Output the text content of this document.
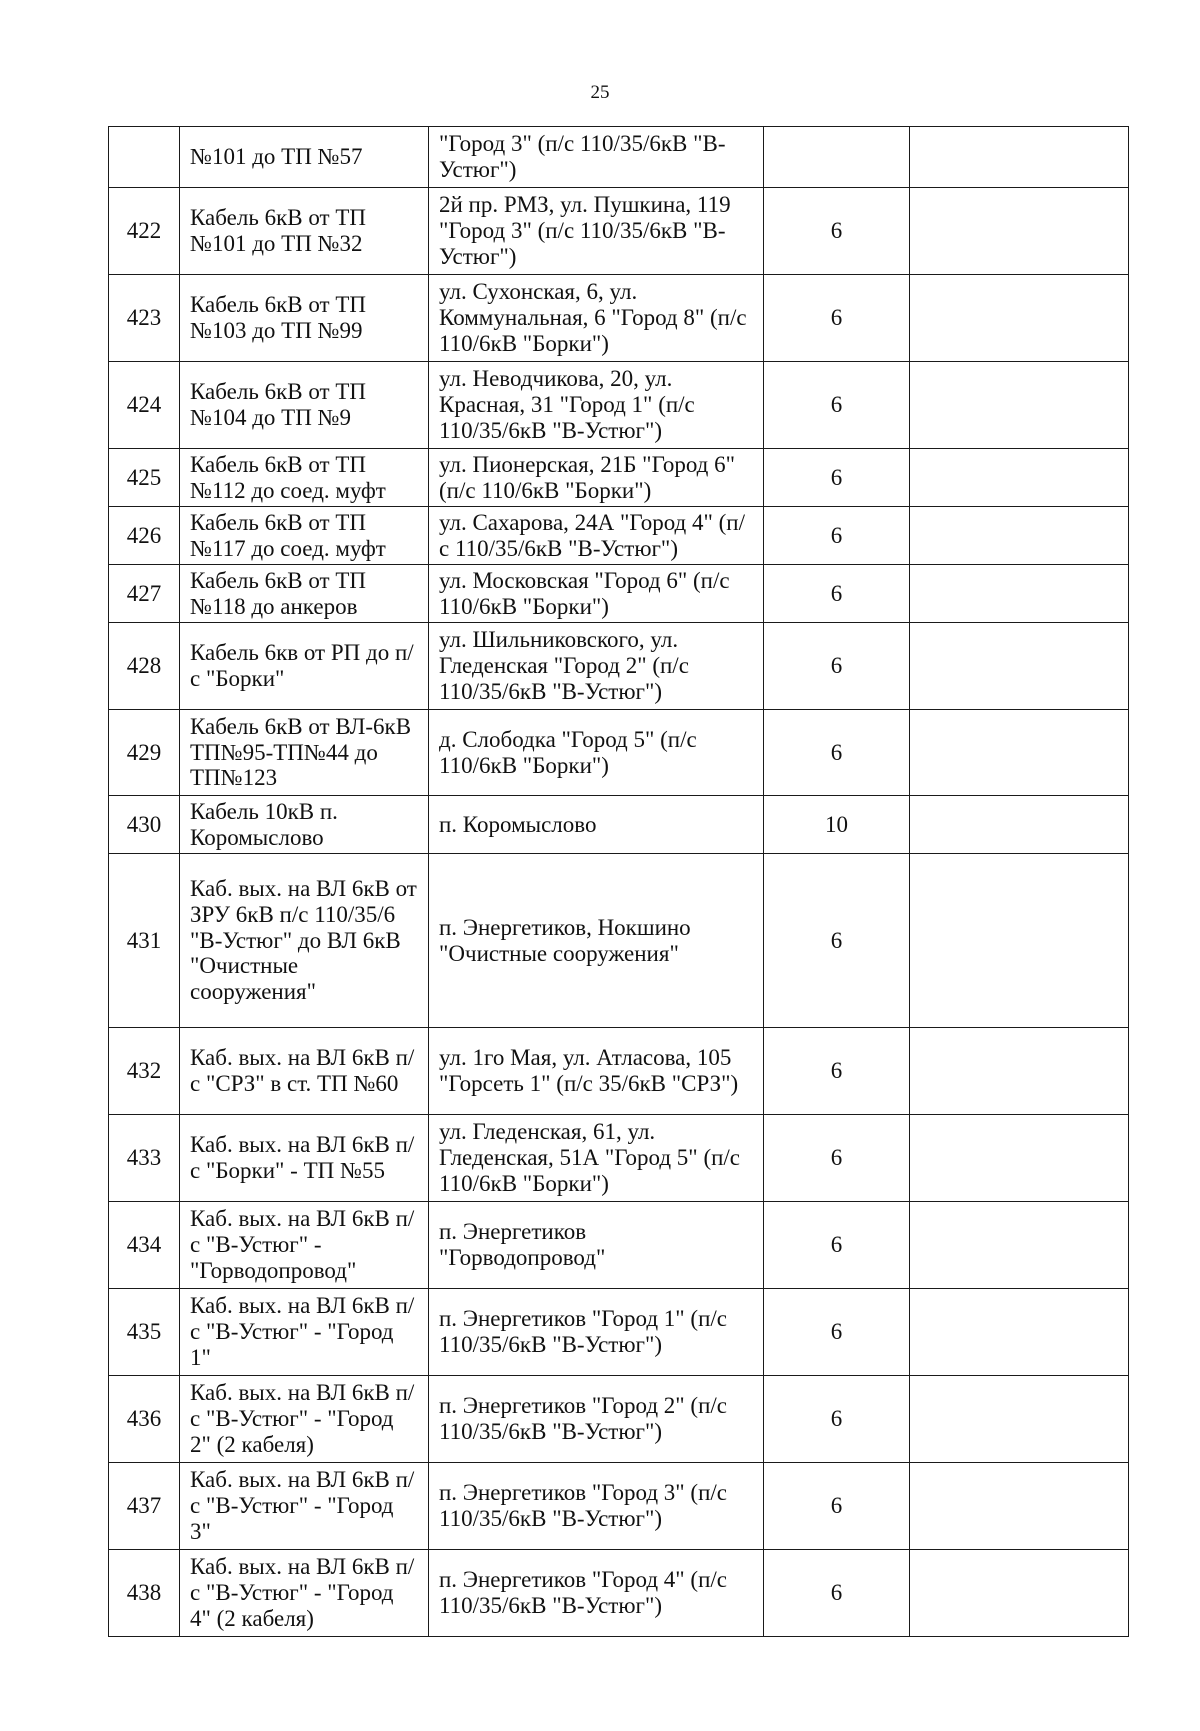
25
	№101 до ТП №57	"Город 3" (п/с 110/35/6кВ "В-Устюг")		
422	Кабель 6кВ от ТП №101 до ТП №32	2й пр. РМЗ, ул. Пушкина, 119 "Город 3" (п/с 110/35/6кВ "В-Устюг")	6	
423	Кабель 6кВ от ТП №103 до ТП №99	ул. Сухонская, 6, ул. Коммунальная, 6 "Город 8" (п/с 110/6кВ "Борки")	6	
424	Кабель 6кВ от ТП №104 до ТП №9	ул. Неводчикова, 20, ул. Красная, 31 "Город 1" (п/с 110/35/6кВ "В-Устюг")	6	
425	Кабель 6кВ от ТП №112 до соед. муфт	ул. Пионерская, 21Б "Город 6" (п/с 110/6кВ "Борки")	6	
426	Кабель 6кВ от ТП №117 до соед. муфт	ул. Сахарова, 24А "Город 4" (п/с 110/35/6кВ "В-Устюг")	6	
427	Кабель 6кВ от ТП №118 до анкеров	ул. Московская "Город 6" (п/с 110/6кВ "Борки")	6	
428	Кабель 6кв от РП до п/с "Борки"	ул. Шильниковского, ул. Гледенская "Город 2" (п/с 110/35/6кВ "В-Устюг")	6	
429	Кабель 6кВ от ВЛ-6кВ ТП№95-ТП№44 до ТП№123	д. Слободка "Город 5" (п/с 110/6кВ "Борки")	6	
430	Кабель 10кВ п. Коромыслово	п. Коромыслово	10	
431	Каб. вых. на ВЛ 6кВ от ЗРУ 6кВ п/с 110/35/6 "В-Устюг" до ВЛ 6кВ "Очистные сооружения"	п. Энергетиков, Нокшино "Очистные сооружения"	6	
432	Каб. вых. на ВЛ 6кВ п/с "СРЗ" в ст. ТП №60	ул. 1го Мая, ул. Атласова, 105 "Горсеть 1" (п/с 35/6кВ "СРЗ")	6	
433	Каб. вых. на ВЛ 6кВ п/с "Борки" - ТП №55	ул. Гледенская, 61, ул. Гледенская, 51А "Город 5" (п/с 110/6кВ "Борки")	6	
434	Каб. вых. на ВЛ 6кВ п/с "В-Устюг" - "Горводопровод"	п. Энергетиков "Горводопровод"	6	
435	Каб. вых. на ВЛ 6кВ п/с "В-Устюг" - "Город 1"	п. Энергетиков "Город 1" (п/с 110/35/6кВ "В-Устюг")	6	
436	Каб. вых. на ВЛ 6кВ п/с "В-Устюг" - "Город 2" (2 кабеля)	п. Энергетиков "Город 2" (п/с 110/35/6кВ "В-Устюг")	6	
437	Каб. вых. на ВЛ 6кВ п/с "В-Устюг" - "Город 3"	п. Энергетиков "Город 3" (п/с 110/35/6кВ "В-Устюг")	6	
438	Каб. вых. на ВЛ 6кВ п/с "В-Устюг" - "Город 4" (2 кабеля)	п. Энергетиков "Город 4" (п/с 110/35/6кВ "В-Устюг")	6	
